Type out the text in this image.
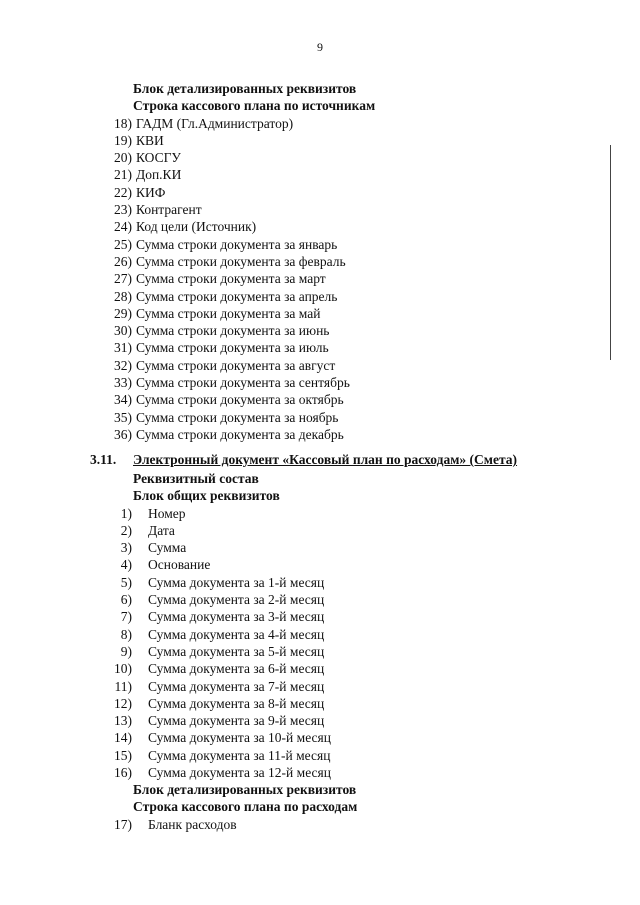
9
Блок детализированных реквизитов
Строка кассового плана по источникам
18) ГАДМ (Гл.Администратор)
19) КВИ
20) КОСГУ
21) Доп.КИ
22) КИФ
23) Контрагент
24) Код цели (Источник)
25) Сумма строки документа за январь
26) Сумма строки документа за февраль
27) Сумма строки документа за март
28) Сумма строки документа за апрель
29) Сумма строки документа за май
30) Сумма строки документа за июнь
31) Сумма строки документа за июль
32) Сумма строки документа за август
33) Сумма строки документа за сентябрь
34) Сумма строки документа за октябрь
35) Сумма строки документа за ноябрь
36) Сумма строки документа за декабрь
3.11. Электронный документ «Кассовый план по расходам» (Смета)
Реквизитный состав
Блок общих реквизитов
1) Номер
2) Дата
3) Сумма
4) Основание
5) Сумма документа за 1-й месяц
6) Сумма документа за 2-й месяц
7) Сумма документа за 3-й месяц
8) Сумма документа за 4-й месяц
9) Сумма документа за 5-й месяц
10) Сумма документа за 6-й месяц
11) Сумма документа за 7-й месяц
12) Сумма документа за 8-й месяц
13) Сумма документа за 9-й месяц
14) Сумма документа за 10-й месяц
15) Сумма документа за 11-й месяц
16) Сумма документа за 12-й месяц
Блок детализированных реквизитов
Строка кассового плана по расходам
17) Бланк расходов
